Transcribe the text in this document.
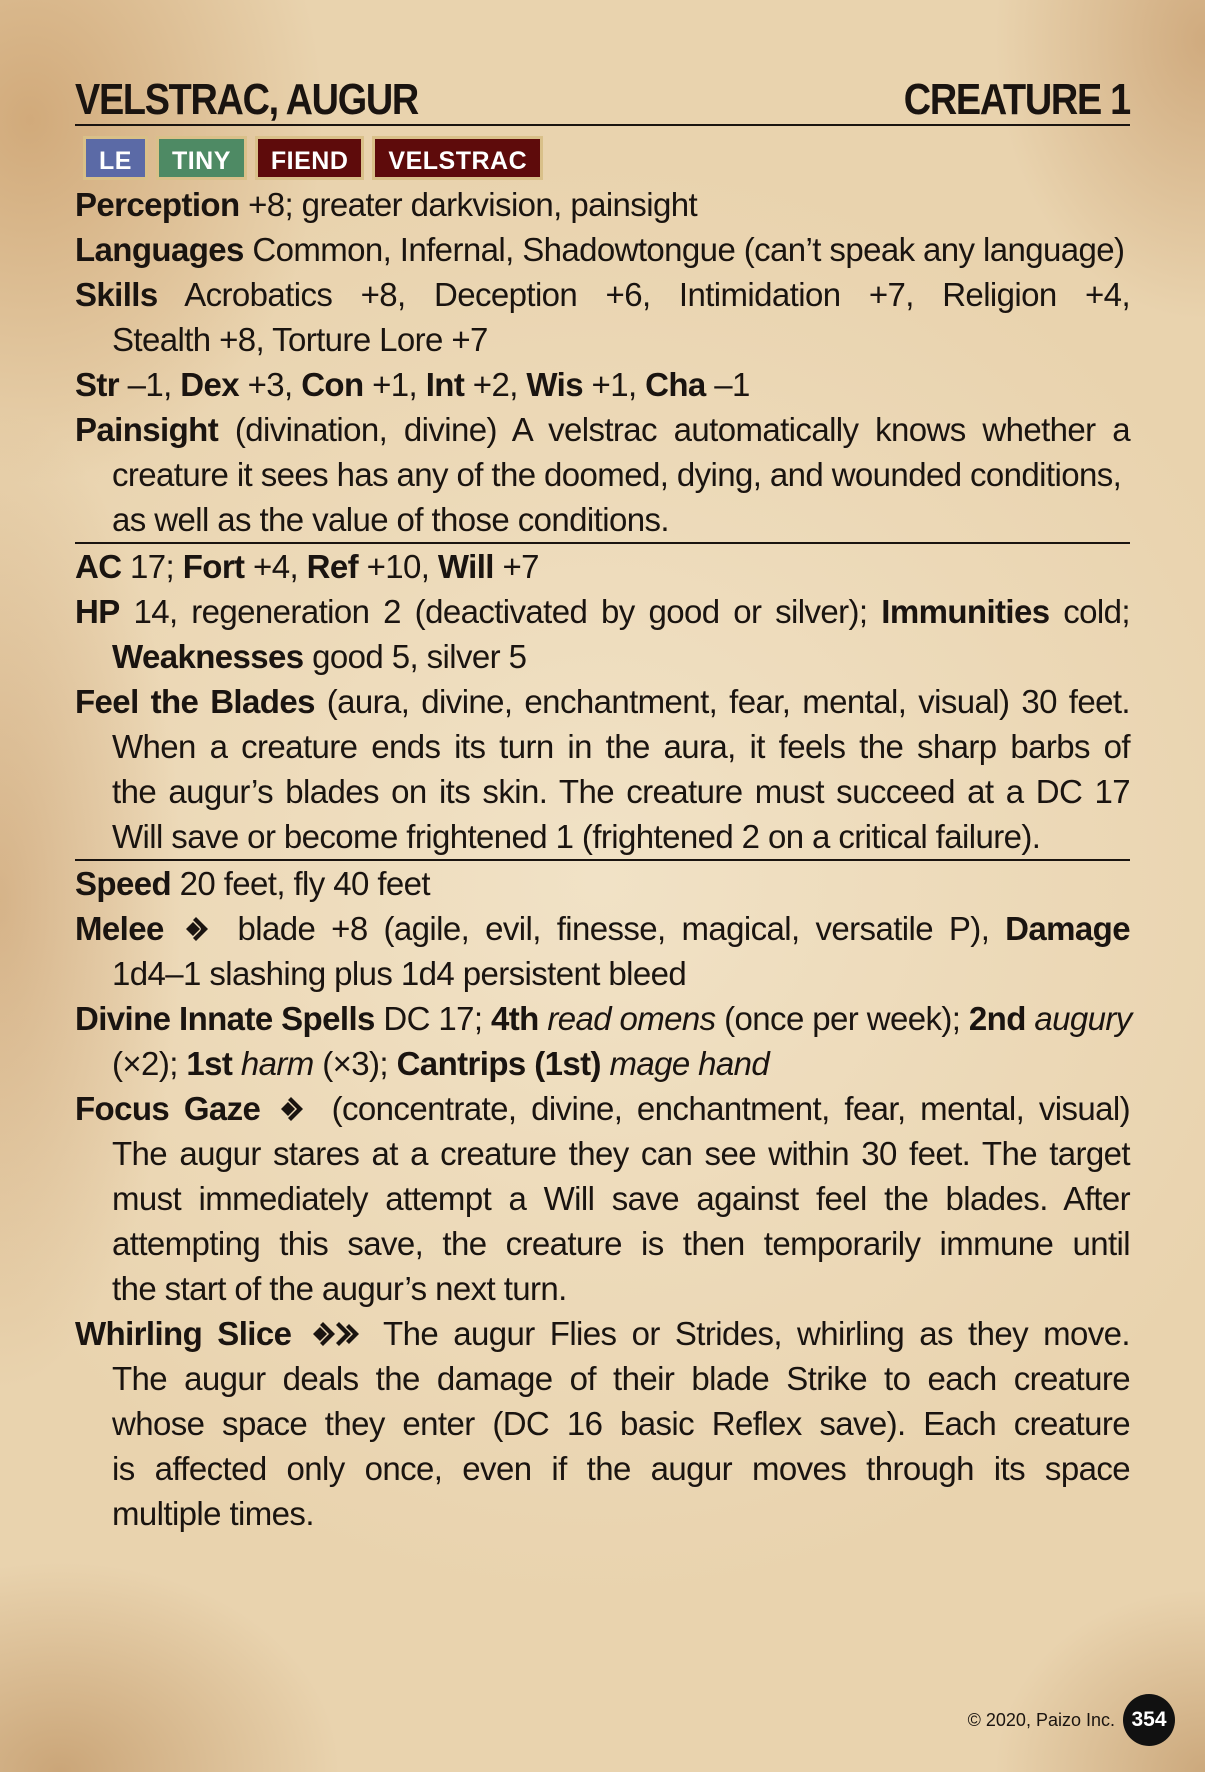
VELSTRAC, AUGUR	CREATURE 1
LE	TINY	FIEND	VELSTRAC
Perception +8; greater darkvision, painsight
Languages Common, Infernal, Shadowtongue (can’t speak any language)
Skills Acrobatics +8, Deception +6, Intimidation +7, Religion +4,
Stealth +8, Torture Lore +7
Str –1, Dex +3, Con +1, Int +2, Wis +1, Cha –1
Painsight (divination, divine) A velstrac automatically knows whether a
creature it sees has any of the doomed, dying, and wounded conditions,
as well as the value of those conditions.
AC 17; Fort +4, Ref +10, Will +7
HP 14, regeneration 2 (deactivated by good or silver); Immunities cold;
Weaknesses good 5, silver 5
Feel the Blades (aura, divine, enchantment, fear, mental, visual) 30 feet.
When a creature ends its turn in the aura, it feels the sharp barbs of
the augur’s blades on its skin. The creature must succeed at a DC 17
Will save or become frightened 1 (frightened 2 on a critical failure).
Speed 20 feet, fly 40 feet
Melee blade +8 (agile, evil, finesse, magical, versatile P), Damage
1d4–1 slashing plus 1d4 persistent bleed
Divine Innate Spells DC 17; 4th read omens (once per week); 2nd augury
(×2); 1st harm (×3); Cantrips (1st) mage hand
Focus Gaze (concentrate, divine, enchantment, fear, mental, visual)
The augur stares at a creature they can see within 30 feet. The target
must immediately attempt a Will save against feel the blades. After
attempting this save, the creature is then temporarily immune until
the start of the augur’s next turn.
Whirling Slice	The augur Flies or Strides, whirling as they move.
The augur deals the damage of their blade Strike to each creature
whose space they enter (DC 16 basic Reflex save). Each creature
is affected only once, even if the augur moves through its space
multiple times.
© 2020, Paizo Inc. 354
